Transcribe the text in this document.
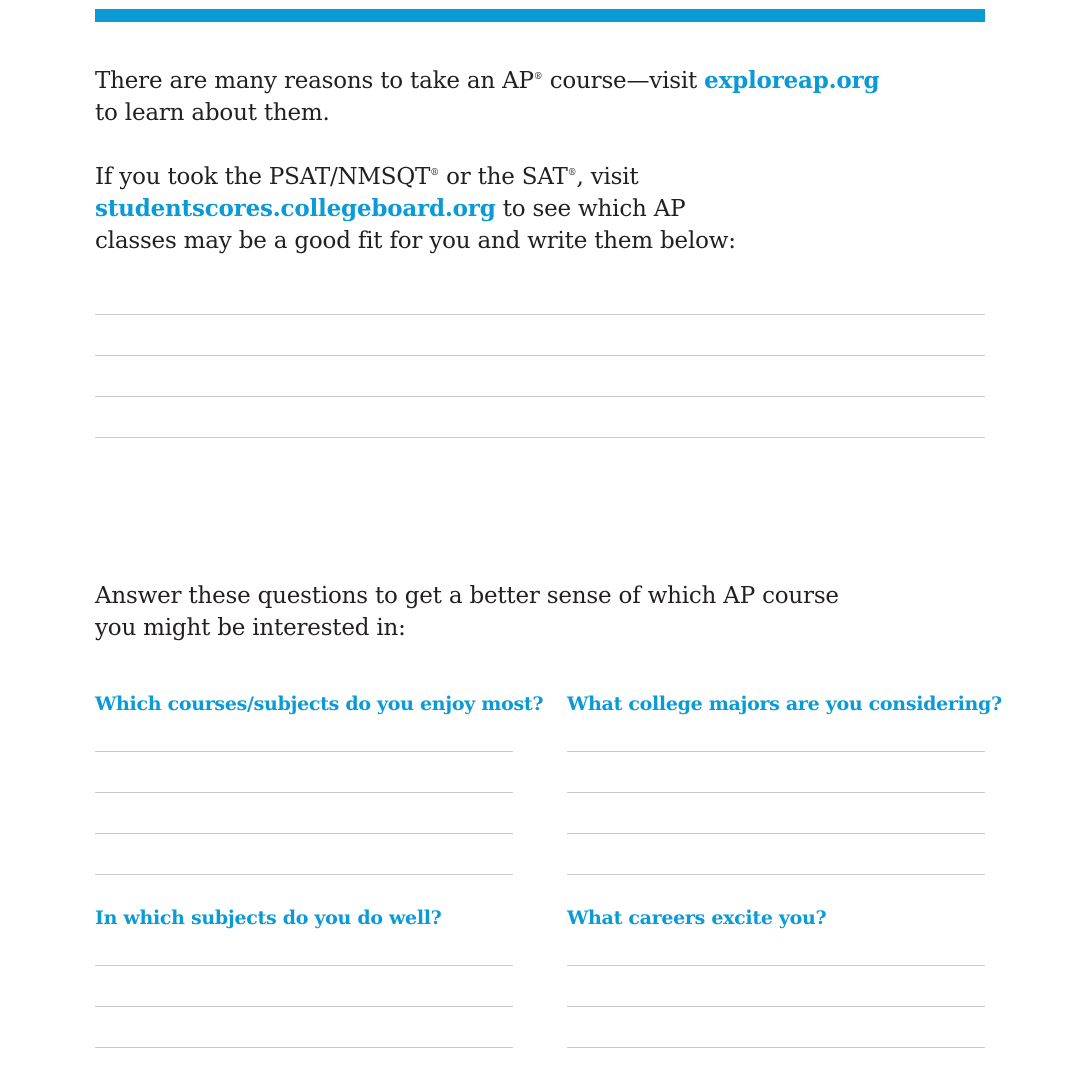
There are many reasons to take an AP® course—visit exploreap.org
to learn about them.
If you took the PSAT/NMSQT® or the SAT®, visit
studentscores.collegeboard.org to see which AP
classes may be a good fit for you and write them below:
Answer these questions to get a better sense of which AP course
you might be interested in:
Which courses/subjects do you enjoy most? What college majors are you considering?
In which subjects do you do well?	What careers excite you?
